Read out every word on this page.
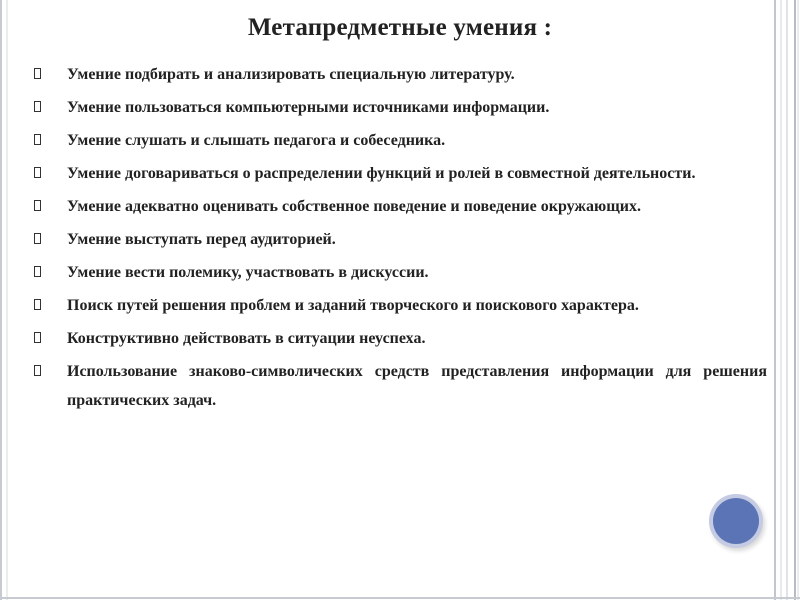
Метапредметные умения :
Умение подбирать и анализировать специальную литературу.
Умение пользоваться компьютерными источниками информации.
Умение слушать и слышать педагога и собеседника.
Умение договариваться о распределении функций и ролей в совместной деятельности.
Умение адекватно оценивать собственное поведение и поведение окружающих.
Умение выступать перед аудиторией.
Умение вести полемику, участвовать в дискуссии.
Поиск путей решения проблем и заданий творческого и поискового характера.
Конструктивно действовать в ситуации неуспеха.
Использование знаково-символических средств представления информации для решения практических задач.
